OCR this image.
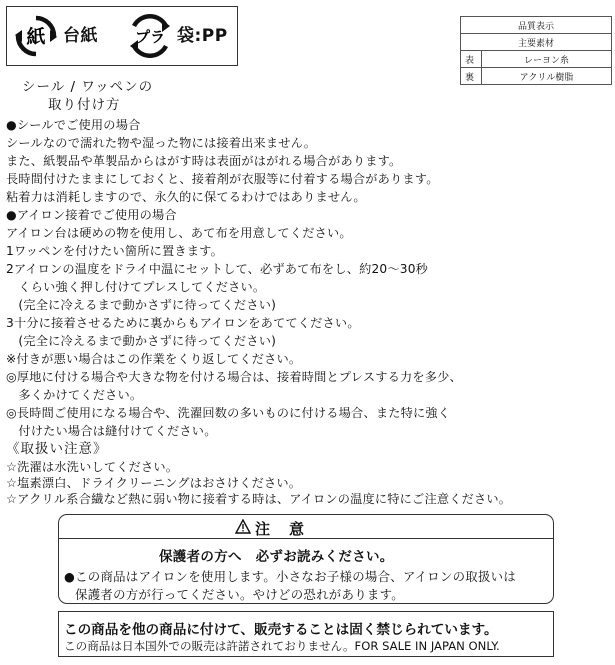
紙 台紙 プラ 袋:PP	品質表示	
主要素材	
表	レーヨン糸
裏	アクリル樹脂
シール / ワッペンの
取り付け方
●シールでご使用の場合
シールなので濡れた物や湿った物には接着出来ません。
また、紙製品や革製品からはがす時は表面がはがれる場合があります。
長時間付けたままにしておくと、接着剤が衣服等に付着する場合があります。
粘着力は消耗しますので、永久的に保てるわけではありません。
●アイロン接着でご使用の場合
アイロン台は硬めの物を使用し、あて布を用意してください。
1ワッペンを付けたい箇所に置きます。
2アイロンの温度をドライ中温にセットして、必ずあて布をし、約20～30秒
　くらい強く押し付けてプレスしてください。
　(完全に冷えるまで動かさずに待ってください)
3十分に接着させるために裏からもアイロンをあててください。
　(完全に冷えるまで動かさずに待ってください)
※付きが悪い場合はこの作業をくり返してください。
◎厚地に付ける場合や大きな物を付ける場合は、接着時間とプレスする力を多少、
　多くかけてください。
◎長時間ご使用になる場合や、洗濯回数の多いものに付ける場合、また特に強く
　付けたい場合は縫付けてください。
《取扱い注意》
☆洗濯は水洗いしてください。
☆塩素漂白、ドライクリーニングはおさけください。
☆アクリル系合繊など熱に弱い物に接着する時は、アイロンの温度に特にご注意ください。
注　意
保護者の方へ　必ずお読みください。
●この商品はアイロンを使用します。小さなお子様の場合、アイロンの取扱いは
保護者の方が行ってください。やけどの恐れがあります。
この商品を他の商品に付けて、販売することは固く禁じられています。
この商品は日本国外での販売は許諾されておりません。FOR SALE IN JAPAN ONLY.
